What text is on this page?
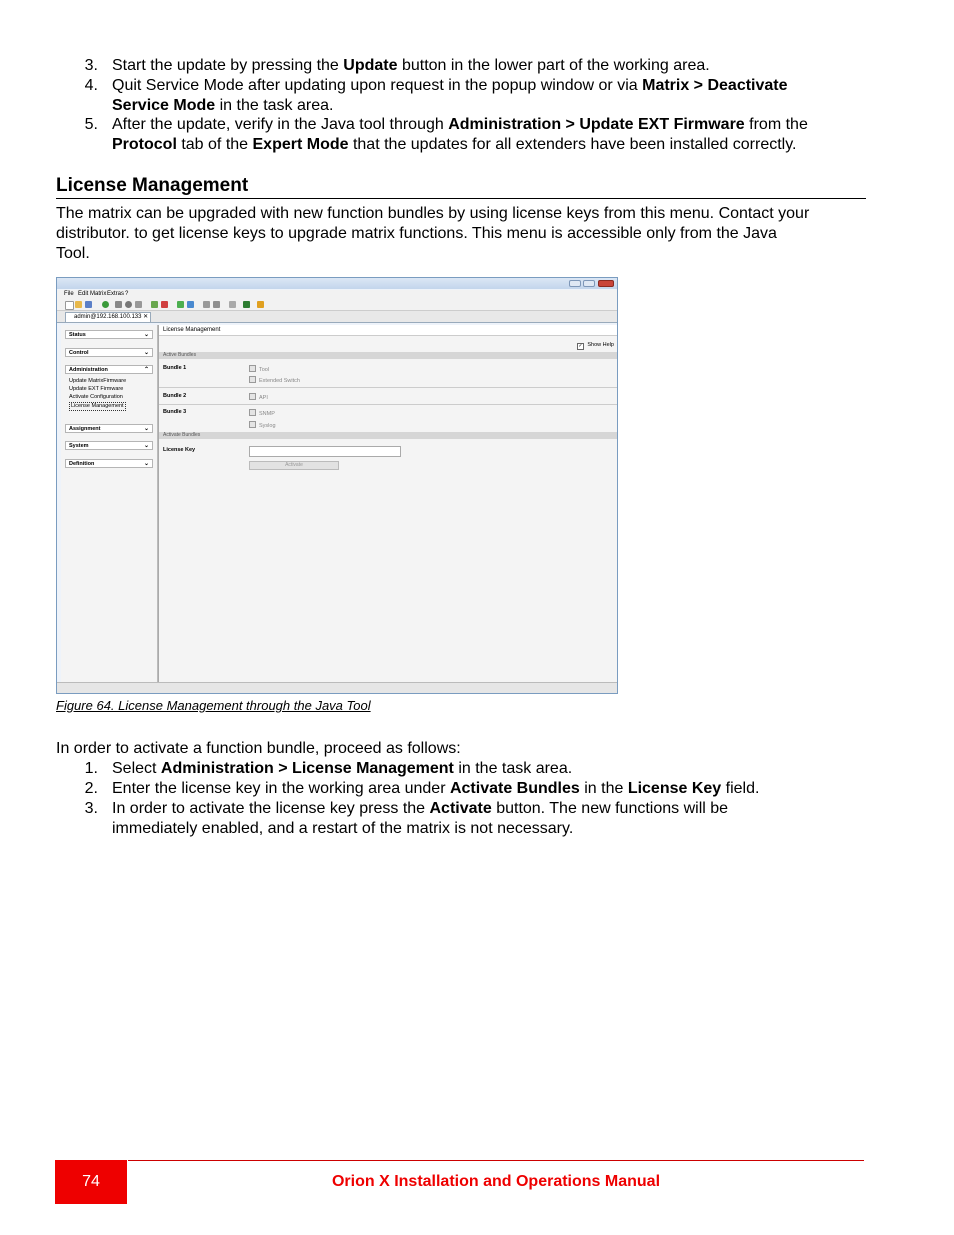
3. Start the update by pressing the Update button in the lower part of the working area.
4. Quit Service Mode after updating upon request in the popup window or via Matrix > Deactivate
Service Mode in the task area.
5. After the update, verify in the Java tool through Administration > Update EXT Firmware from the
Protocol tab of the Expert Mode that the updates for all extenders have been installed correctly.
License Management
The matrix can be upgraded with new function bundles by using license keys from this menu. Contact your
distributor. to get license keys to upgrade matrix functions. This menu is accessible only from the Java
Tool.
File Edit Matrix Extras ?
admin@192.168.100.133 ✕
Status	⌄
Control	⌄
Administration	⌃
Update MatrixFirmware
Update EXT Firmware
Activate Configuration
License Management
Assignment	⌄
System	⌄
Definition	⌄
License Management
✓ Show Help
Active Bundles
Bundle 1	Tool
Extended Switch
Bundle 2	API
Bundle 3	SNMP
Syslog
Activate Bundles
License Key
Activate
Figure 64. License Management through the Java Tool
In order to activate a function bundle, proceed as follows:
1. Select Administration > License Management in the task area.
2. Enter the license key in the working area under Activate Bundles in the License Key field.
3. In order to activate the license key press the Activate button. The new functions will be
immediately enabled, and a restart of the matrix is not necessary.
74	Orion X Installation and Operations Manual
